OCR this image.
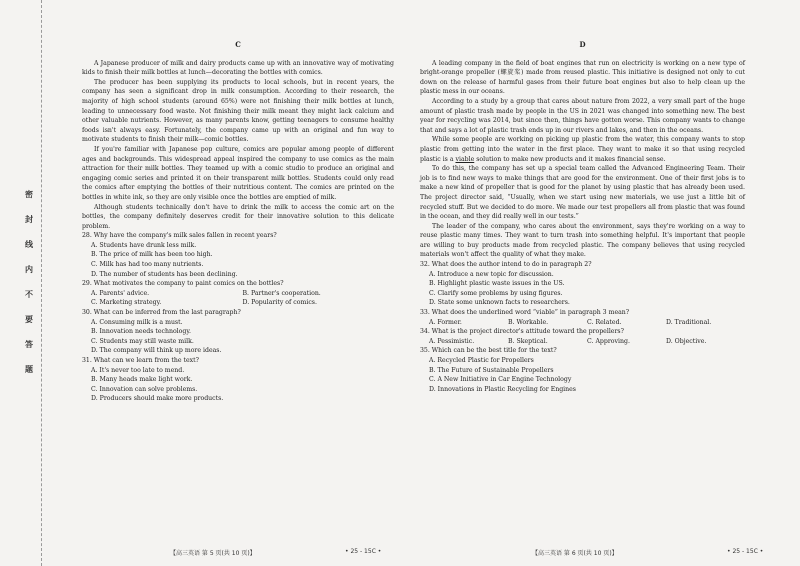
密
封
线
内
不
要
答
题
C

A Japanese producer of milk and dairy products came up with an innovative way of motivating kids to finish their milk bottles at lunch—decorating the bottles with comics.

The producer has been supplying its products to local schools, but in recent years, the company has seen a significant drop in milk consumption. According to their research, the majority of high school students (around 65%) were not finishing their milk bottles at lunch, leading to unnecessary food waste. Not finishing their milk meant they might lack calcium and other valuable nutrients. However, as many parents know, getting teenagers to consume healthy foods isn't always easy. Fortunately, the company came up with an original and fun way to motivate students to finish their milk—comic bottles.

If you're familiar with Japanese pop culture, comics are popular among people of different ages and backgrounds. This widespread appeal inspired the company to use comics as the main attraction for their milk bottles. They teamed up with a comic studio to produce an original and engaging comic series and printed it on their transparent milk bottles. Students could only read the comics after emptying the bottles of their nutritious content. The comics are printed on the bottles in white ink, so they are only visible once the bottles are emptied of milk.

Although students technically don't have to drink the milk to access the comic art on the bottles, the company definitely deserves credit for their innovative solution to this delicate problem.

28. Why have the company's milk sales fallen in recent years?
A. Students have drunk less milk.
B. The price of milk has been too high.
C. Milk has had too many nutrients.
D. The number of students has been declining.
29. What motivates the company to paint comics on the bottles?
A. Parents' advice.	B. Partner's cooperation.
C. Marketing strategy.	D. Popularity of comics.
30. What can be inferred from the last paragraph?
A. Consuming milk is a must.
B. Innovation needs technology.
C. Students may still waste milk.
D. The company will think up more ideas.
31. What can we learn from the text?
A. It's never too late to mend.
B. Many heads make light work.
C. Innovation can solve problems.
D. Producers should make more products.
【高三英语 第 5 页(共 10 页)】	• 25 - 15C •
D

A leading company in the field of boat engines that run on electricity is working on a new type of bright-orange propeller (螺旋桨) made from reused plastic. This initiative is designed not only to cut down on the release of harmful gases from their future boat engines but also to help clean up the plastic mess in our oceans.

According to a study by a group that cares about nature from 2022, a very small part of the huge amount of plastic trash made by people in the US in 2021 was changed into something new. The best year for recycling was 2014, but since then, things have gotten worse. This company wants to change that and says a lot of plastic trash ends up in our rivers and lakes, and then in the oceans.

While some people are working on picking up plastic from the water, this company wants to stop plastic from getting into the water in the first place. They want to make it so that using recycled plastic is a viable solution to make new products and it makes financial sense.

To do this, the company has set up a special team called the Advanced Engineering Team. Their job is to find new ways to make things that are good for the environment. One of their first jobs is to make a new kind of propeller that is good for the planet by using plastic that has already been used. The project director said, “Usually, when we start using new materials, we use just a little bit of recycled stuff. But we decided to do more. We made our test propellers all from plastic that was found in the ocean, and they did really well in our tests.”

The leader of the company, who cares about the environment, says they're working on a way to reuse plastic many times. They want to turn trash into something helpful. It's important that people are willing to buy products made from recycled plastic. The company believes that using recycled materials won't affect the quality of what they make.

32. What does the author intend to do in paragraph 2?
A. Introduce a new topic for discussion.
B. Highlight plastic waste issues in the US.
C. Clarify some problems by using figures.
D. State some unknown facts to researchers.
33. What does the underlined word “viable” in paragraph 3 mean?
A. Former.	B. Workable.	C. Related.	D. Traditional.
34. What is the project director's attitude toward the propellers?
A. Pessimistic.	B. Skeptical.	C. Approving.	D. Objective.
35. Which can be the best title for the text?
A. Recycled Plastic for Propellers
B. The Future of Sustainable Propellers
C. A New Initiative in Car Engine Technology
D. Innovations in Plastic Recycling for Engines
【高三英语 第 6 页(共 10 页)】	• 25 - 15C •
